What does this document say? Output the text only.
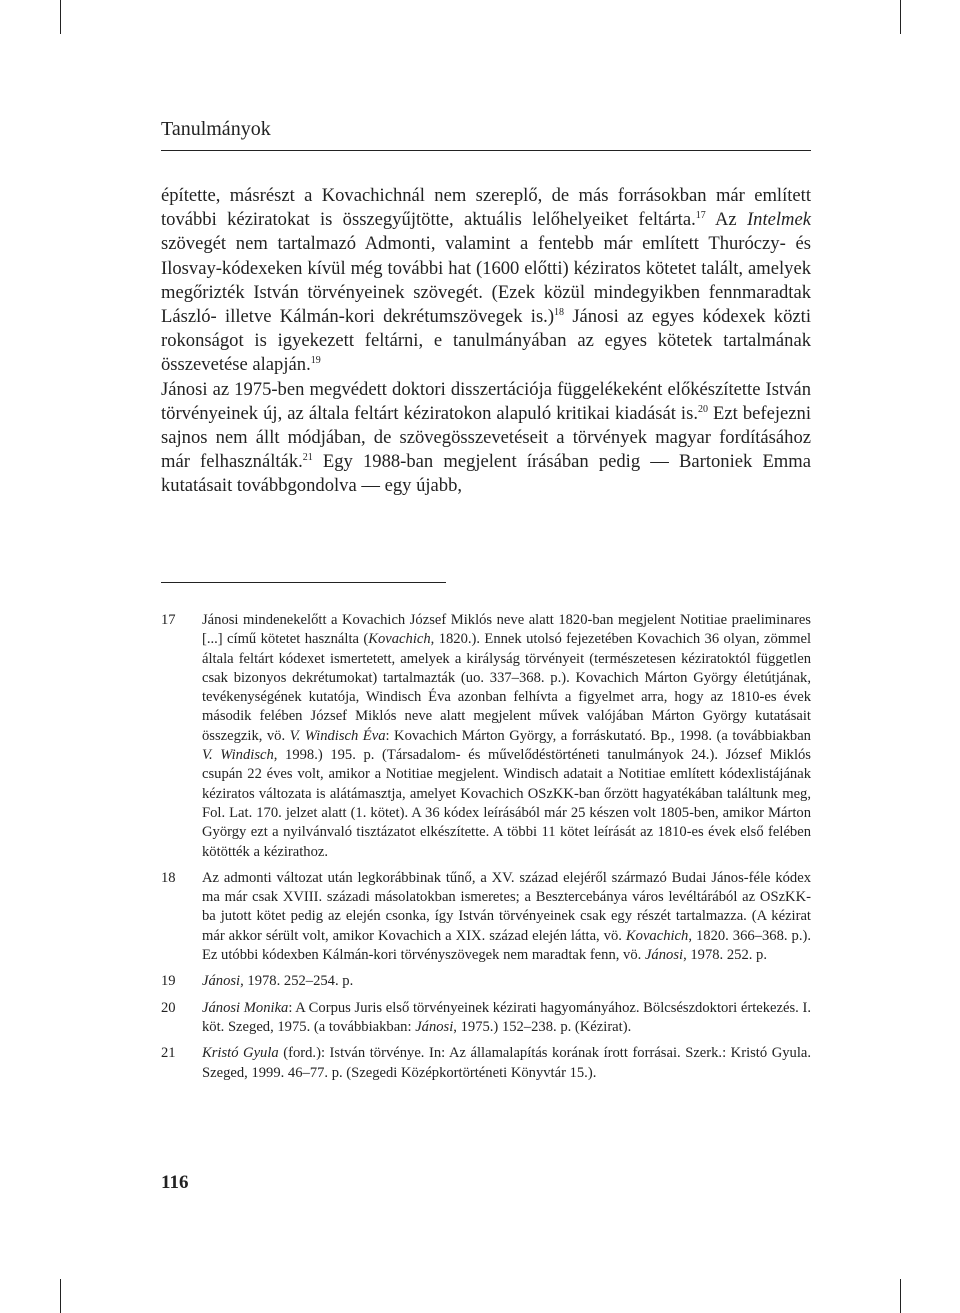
Tanulmányok

építette, másrészt a Kovachichnál nem szereplő, de más forrásokban már említett további kéziratokat is összegyűjtötte, aktuális lelőhelyeiket feltárta.$^{17}$ Az Intelmek szövegét nem tartalmazó Admonti, valamint a fentebb már említett Thuróczy- és Ilosvay-kódexeken kívül még további hat (1600 előtti) kéziratos kötetet talált, amelyek megőrizték István törvényeinek szövegét. (Ezek közül mindegyikben fennmaradtak László- illetve Kálmán-kori dekrétumszövegek is.)$^{18}$ Jánosi az egyes kódexek közti rokonságot is igyekezett feltárni, e tanulmányában az egyes kötetek tartalmának összevetése alapján.$^{19}$

Jánosi az 1975-ben megvédett doktori disszertációja függelékeként előkészítette István törvényeinek új, az általa feltárt kéziratokon alapuló kritikai kiadását is.$^{20}$ Ezt befejezni sajnos nem állt módjában, de szövegösszevetéseit a törvények magyar fordításához már felhasználták.$^{21}$ Egy 1988-ban megjelent írásában pedig — Bartoniek Emma kutatásait továbbgondolva — egy újabb,

17 Jánosi mindenekelőtt a Kovachich József Miklós neve alatt 1820-ban megjelent Notitiae praeliminares [...] című kötetet használta (Kovachich, 1820.). Ennek utolsó fejezetében Kovachich 36 olyan, zömmel általa feltárt kódexet ismertetett, amelyek a királyság törvényeit (természetesen kéziratoktól független csak bizonyos dekrétumokat) tartalmazták (uo. 337–368. p.). Kovachich Márton György életútjának, tevékenységének kutatója, Windisch Éva azonban felhívta a figyelmet arra, hogy az 1810-es évek második felében József Miklós neve alatt megjelent művek valójában Márton György kutatásait összegzik, vö. V. Windisch Éva: Kovachich Márton György, a forráskutató. Bp., 1998. (a továbbiakban V. Windisch, 1998.) 195. p. (Társadalom- és művelődéstörténeti tanulmányok 24.). József Miklós csupán 22 éves volt, amikor a Notitiae megjelent. Windisch adatait a Notitiae említett kódexlistájának kéziratos változata is alátámasztja, amelyet Kovachich OSzKK-ban őrzött hagyatékában találtunk meg, Fol. Lat. 170. jelzet alatt (1. kötet). A 36 kódex leírásából már 25 készen volt 1805-ben, amikor Márton György ezt a nyilvánvaló tisztázatot elkészítette. A többi 11 kötet leírását az 1810-es évek első felében kötötték a kézirathoz.
18 Az admonti változat után legkorábbinak tűnő, a XV. század elejéről származó Budai János-féle kódex ma már csak XVIII. századi másolatokban ismeretes; a Besztercebánya város levéltárából az OSzKK-ba jutott kötet pedig az elején csonka, így István törvényeinek csak egy részét tartalmazza. (A kézirat már akkor sérült volt, amikor Kovachich a XIX. század elején látta, vö. Kovachich, 1820. 366–368. p.). Ez utóbbi kódexben Kálmán-kori törvényszövegek nem maradtak fenn, vö. Jánosi, 1978. 252. p.
19 Jánosi, 1978. 252–254. p.
20 Jánosi Monika: A Corpus Juris első törvényeinek kézirati hagyományához. Bölcsészdoktori értekezés. I. köt. Szeged, 1975. (a továbbiakban: Jánosi, 1975.) 152–238. p. (Kézirat).
21 Kristó Gyula (ford.): István törvénye. In: Az államalapítás korának írott forrásai. Szerk.: Kristó Gyula. Szeged, 1999. 46–77. p. (Szegedi Középkortörténeti Könyvtár 15.).
116
